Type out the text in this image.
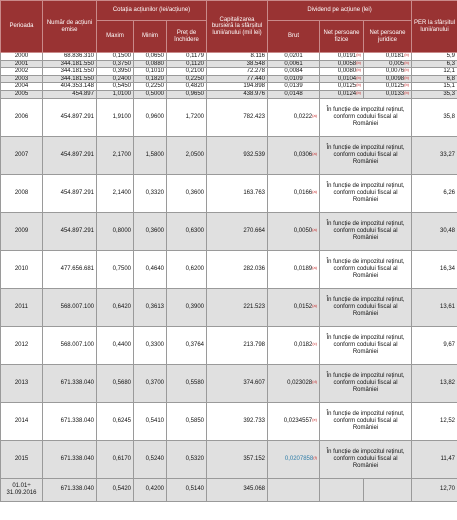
Perioada	Număr de acțiuni emise	Cotația acțiunilor (lei/acțiune)			Capitalizarea bursieră la sfârșitul lunii/anului (mil lei)	Dividend pe acțiune (lei)			PER la sfârșitul lunii/anului
		Maxim	Minim	Preț de închidere		Brut	Net persoane fizice	Net persoane juridice	
2000	68.836.310	0,1500	0,0650	0,1179	8.116	0,0201	0,0191$^{(b)}$	0,0181$^{(b)}$	5,9
2001	344.181.550	0,3750	0,0880	0,1120	38.548	0,0061	0,0058$^{(b)}$	0,005$^{(b)}$	6,3
2002	344.181.550	0,3950	0,1010	0,2100	72.278	0,0084	0,0080$^{(b)}$	0,0076$^{(b)}$	12,1
2003	344.181.550	0,2400	0,1820	0,2250	77.440	0,0109	0,0104$^{(b)}$	0,0098$^{(b)}$	6,8
2004	404.353.148	0,5450	0,2250	0,4820	194.898	0,0139	0,0125$^{(b)}$	0,0125$^{(b)}$	15,1
2005	454.897	1,0100	0,5000	0,9650	438.976	0,0148	0,0124$^{(b)}$	0,0133$^{(b)}$	35,3
2006	454.897.291	1,9100	0,9600	1,7200	782.423	0,0222$^{(a)}$	În funcție de impozitul reținut, conform codului fiscal al României		35,8
2007	454.897.291	2,1700	1,5800	2,0500	932.539	0,0306$^{(a)}$	În funcție de impozitul reținut, conform codului fiscal al României		33,27
2008	454.897.291	2,1400	0,3320	0,3600	163.763	0,0166$^{(a)}$	În funcție de impozitul reținut, conform codului fiscal al României		6,26
2009	454.897.291	0,8000	0,3600	0,6300	270.664	0,0050$^{(a)}$	În funcție de impozitul reținut, conform codului fiscal al României		30,48
2010	477.656.681	0,7500	0,4640	0,6200	282.036	0,0189$^{(a)}$	În funcție de impozitul reținut, conform codului fiscal al României		16,34
2011	568.007.100	0,6420	0,3613	0,3900	221.523	0,0152$^{(a)}$	În funcție de impozitul reținut, conform codului fiscal al României		13,61
2012	568.007.100	0,4400	0,3300	0,3764	213.798	0,0182$^{(c)}$	În funcție de impozitul reținut, conform codului fiscal al României		9,67
2013	671.338.040	0,5680	0,3700	0,5580	374.607	0,023028$^{(d)}$	În funcție de impozitul reținut, conform codului fiscal al României		13,82
2014	671.338.040	0,6245	0,5410	0,5850	392.733	0,0234557$^{(e)}$	În funcție de impozitul reținut, conform codului fiscal al României		12,52
2015	671.338.040	0,6170	0,5240	0,5320	357.152	0,0207858$^{(f)}$	În funcție de impozitul reținut, conform codului fiscal al României		11,47
01.01÷ 31.09.2016	671.338.040	0,5420	0,4200	0,5140	345.068				12,70
